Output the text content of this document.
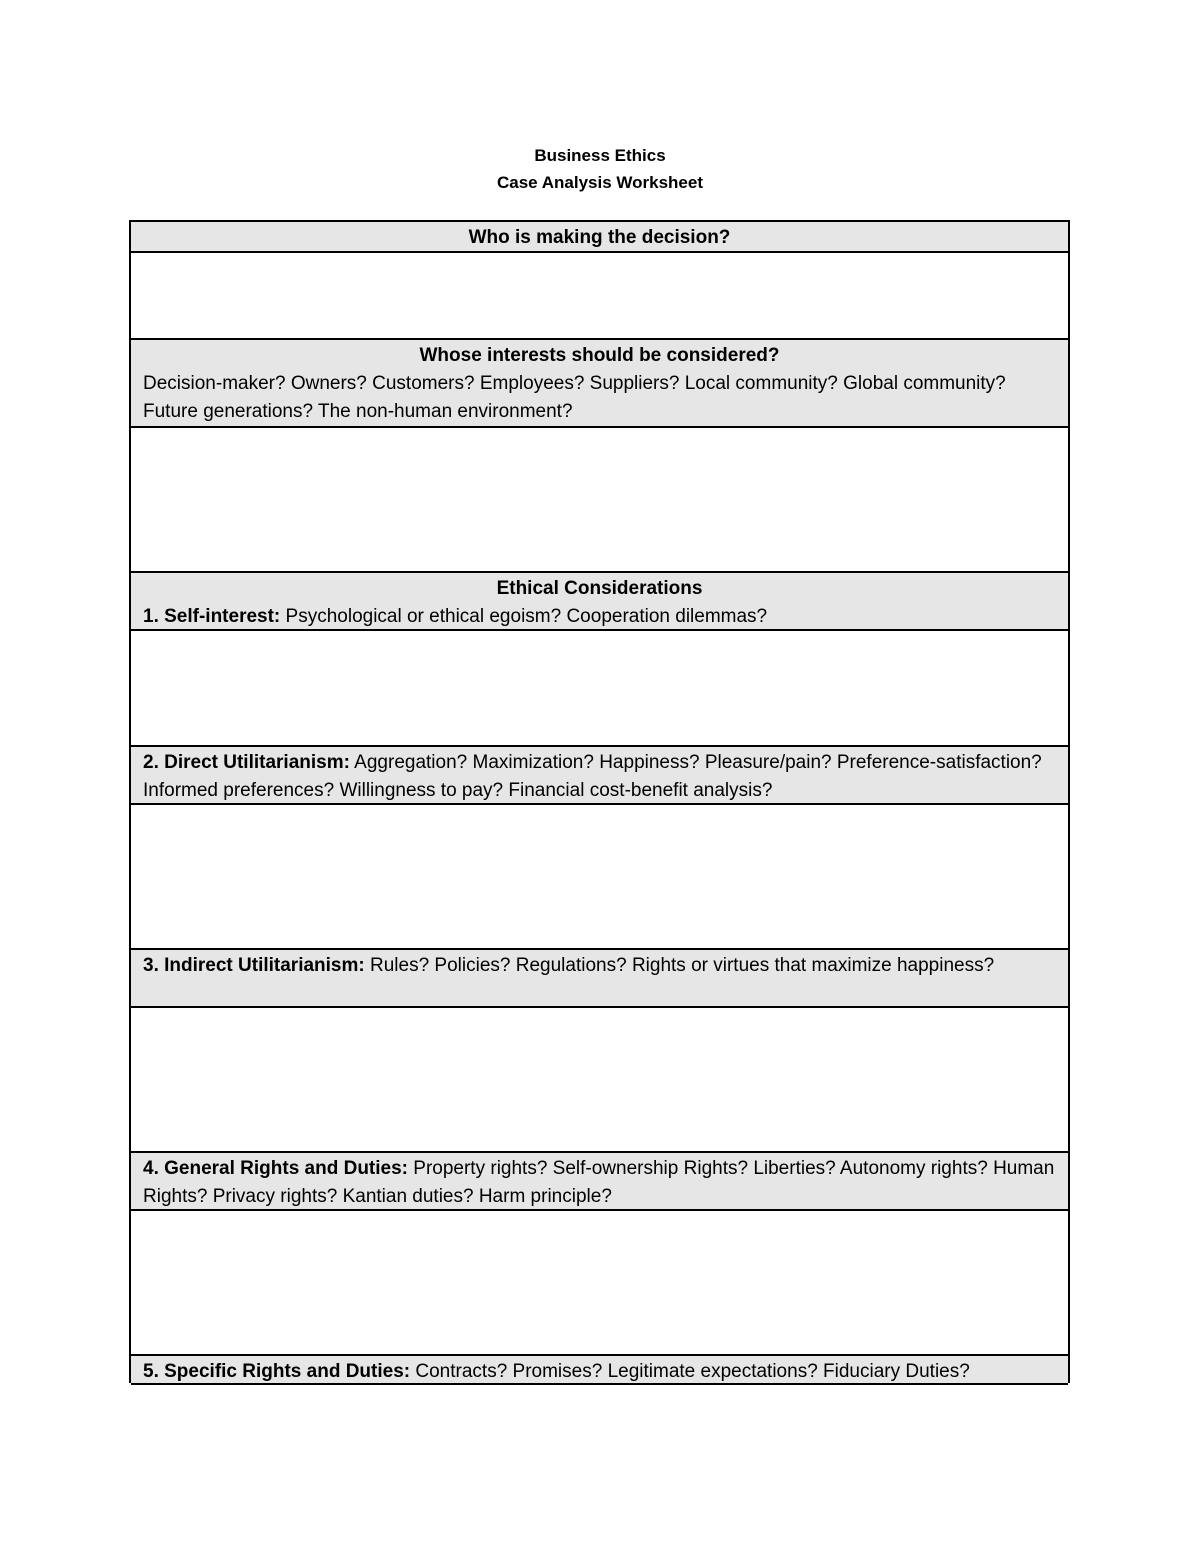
Business Ethics
Case Analysis Worksheet
Who is making the decision?
Whose interests should be considered?
Decision-maker? Owners? Customers? Employees? Suppliers? Local community? Global community? Future generations? The non-human environment?
Ethical Considerations
1. Self-interest: Psychological or ethical egoism? Cooperation dilemmas?
2. Direct Utilitarianism: Aggregation? Maximization? Happiness? Pleasure/pain? Preference-satisfaction? Informed preferences? Willingness to pay? Financial cost-benefit analysis?
3. Indirect Utilitarianism: Rules? Policies? Regulations? Rights or virtues that maximize happiness?
4. General Rights and Duties: Property rights? Self-ownership Rights? Liberties? Autonomy rights? Human Rights? Privacy rights? Kantian duties? Harm principle?
5. Specific Rights and Duties: Contracts? Promises? Legitimate expectations? Fiduciary Duties?
